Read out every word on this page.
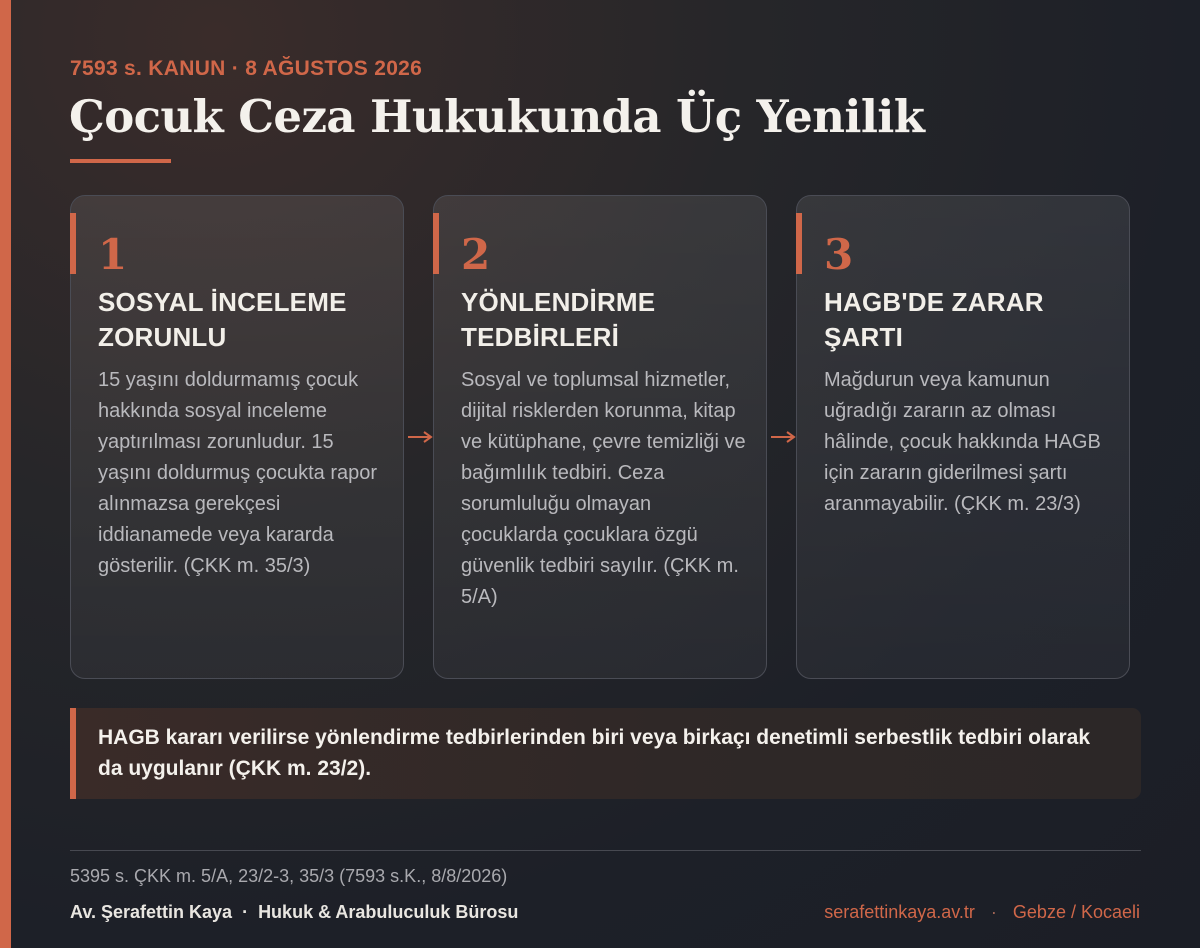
7593 s. KANUN · 8 AĞUSTOS 2026
Çocuk Ceza Hukukunda Üç Yenilik
1
SOSYAL İNCELEME ZORUNLU
15 yaşını doldurmamış çocuk hakkında sosyal inceleme yaptırılması zorunludur. 15 yaşını doldurmuş çocukta rapor alınmazsa gerekçesi iddianamede veya kararda gösterilir. (ÇKK m. 35/3)
2
YÖNLENDİRME TEDBİRLERİ
Sosyal ve toplumsal hizmetler, dijital risklerden korunma, kitap ve kütüphane, çevre temizliği ve bağımlılık tedbiri. Ceza sorumluluğu olmayan çocuklarda çocuklara özgü güvenlik tedbiri sayılır. (ÇKK m. 5/A)
3
HAGB'DE ZARAR ŞARTI
Mağdurun veya kamunun uğradığı zararın az olması hâlinde, çocuk hakkında HAGB için zararın giderilmesi şartı aranmayabilir. (ÇKK m. 23/3)
HAGB kararı verilirse yönlendirme tedbirlerinden biri veya birkaçı denetimli serbestlik tedbiri olarak da uygulanır (ÇKK m. 23/2).
5395 s. ÇKK m. 5/A, 23/2-3, 35/3 (7593 s.K., 8/8/2026)
Av. Şerafettin Kaya · Hukuk & Arabuluculuk Bürosu	serafettinkaya.av.tr · Gebze / Kocaeli
